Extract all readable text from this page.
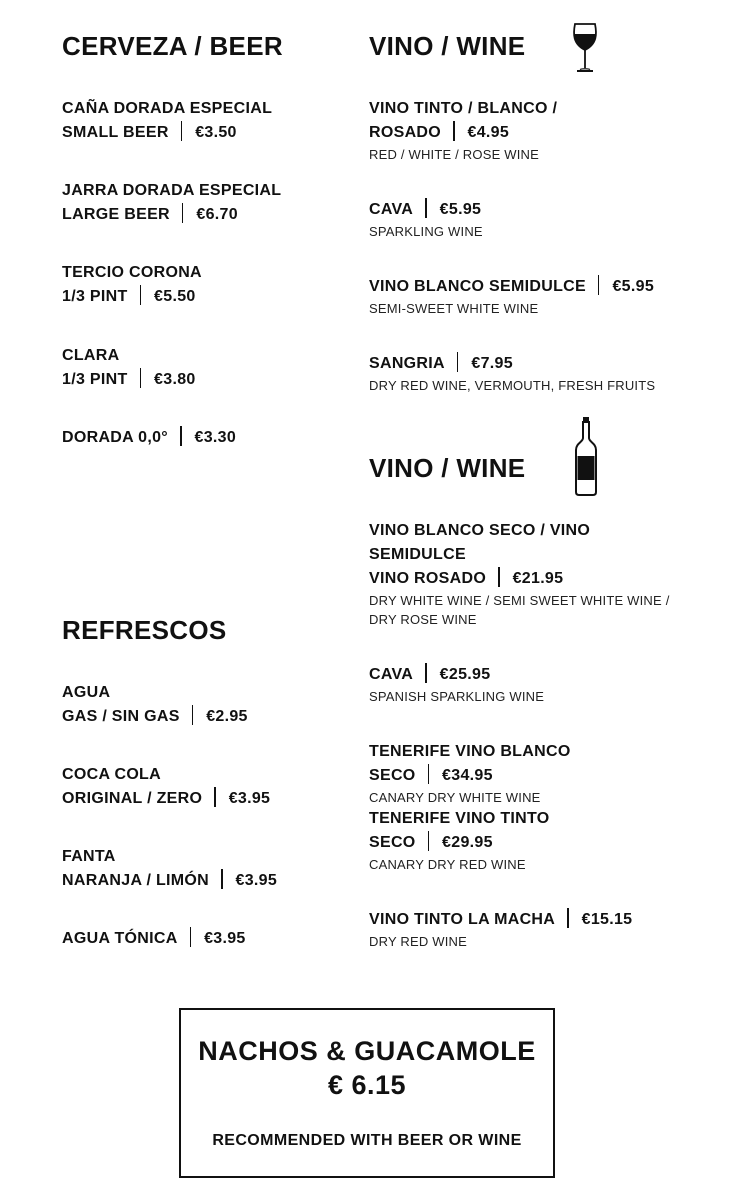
CERVEZA / BEER
CAÑA DORADA ESPECIAL
SMALL BEER €3.50
JARRA DORADA ESPECIAL
LARGE BEER €6.70
TERCIO CORONA
1/3 PINT €5.50
CLARA
1/3 PINT €3.80
DORADA 0,0° €3.30
REFRESCOS
AGUA
GAS / SIN GAS €2.95
COCA COLA
ORIGINAL / ZERO €3.95
FANTA
NARANJA / LIMÓN €3.95
AGUA TÓNICA €3.95
VINO / WINE
VINO TINTO / BLANCO /
ROSADO €4.95
RED / WHITE / ROSE WINE
CAVA €5.95
SPARKLING WINE
VINO BLANCO SEMIDULCE €5.95
SEMI-SWEET WHITE WINE
SANGRIA €7.95
DRY RED WINE, VERMOUTH, FRESH FRUITS
VINO / WINE
VINO BLANCO SECO / VINO
SEMIDULCE
VINO ROSADO €21.95
DRY WHITE WINE / SEMI SWEET WHITE WINE / DRY ROSE WINE
CAVA €25.95
SPANISH SPARKLING WINE
TENERIFE VINO BLANCO
SECO €34.95
CANARY DRY WHITE WINE
TENERIFE VINO TINTO
SECO €29.95
CANARY DRY RED WINE
VINO TINTO LA MACHA €15.15
DRY RED WINE
NACHOS & GUACAMOLE
€ 6.15
RECOMMENDED WITH BEER OR WINE
